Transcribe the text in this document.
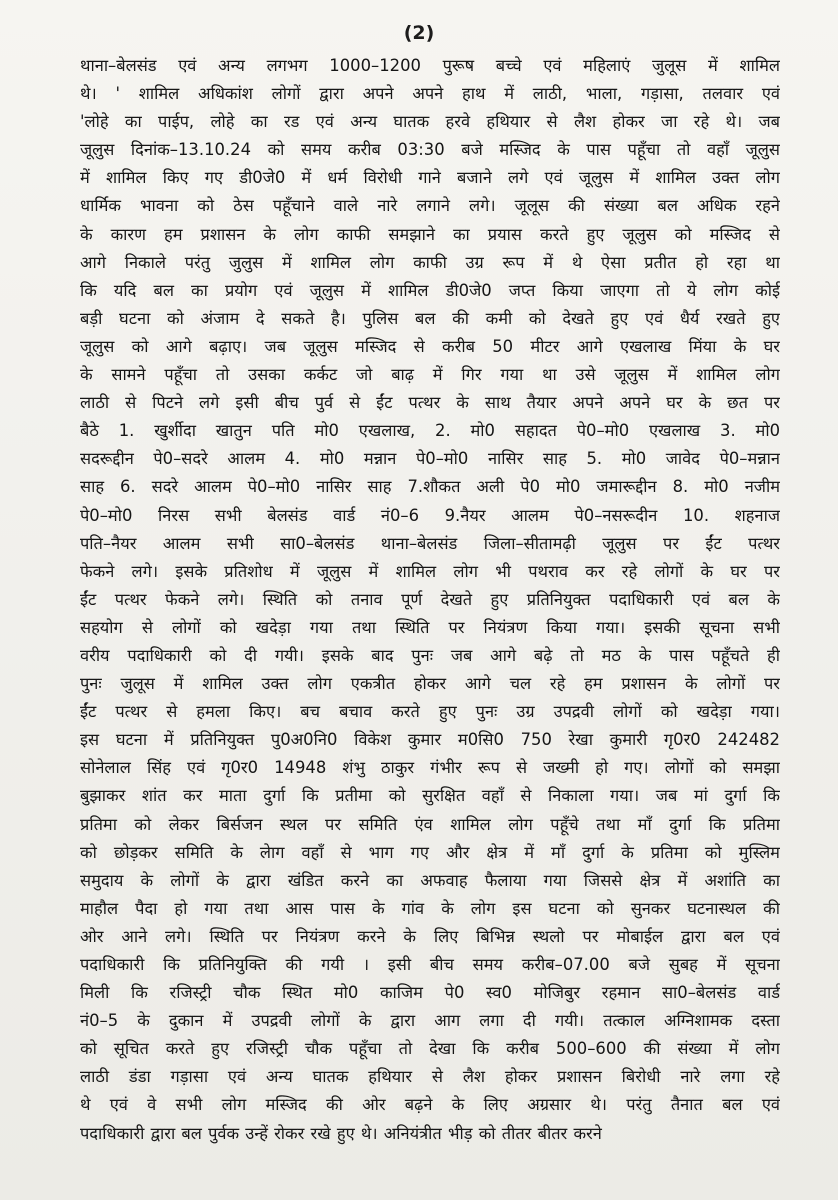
(2)
थाना–बेलसंड एवं अन्य लगभग 1000–1200 पुरूष बच्चे एवं महिलाएं जुलूस में शामिल
थे। ' शामिल अधिकांश लोगों द्वारा अपने अपने हाथ में लाठी, भाला, गड़ासा, तलवार एवं
'लोहे का पाईप, लोहे का रड एवं अन्य घातक हरवे हथियार से लैश होकर जा रहे थे। जब
जूलुस दिनांक–13.10.24 को समय करीब 03:30 बजे मस्जिद के पास पहूँचा तो वहाँ जूलुस
में शामिल किए गए डी0जे0 में धर्म विरोधी गाने बजाने लगे एवं जूलुस में शामिल उक्त लोग
धार्मिक भावना को ठेस पहूँचाने वाले नारे लगाने लगे। जूलूस की संख्या बल अधिक रहने
के कारण हम प्रशासन के लोग काफी समझाने का प्रयास करते हुए जूलुस को मस्जिद से
आगे निकाले परंतु जुलुस में शामिल लोग काफी उग्र रूप में थे ऐसा प्रतीत हो रहा था
कि यदि बल का प्रयोग एवं जूलुस में शामिल डी0जे0 जप्त किया जाएगा तो ये लोग कोई
बड़ी घटना को अंजाम दे सकते है। पुलिस बल की कमी को देखते हुए एवं धैर्य रखते हुए
जूलुस को आगे बढ़ाए। जब जूलुस मस्जिद से करीब 50 मीटर आगे एखलाख मिंया के घर
के सामने पहूँचा तो उसका कर्कट जो बाढ़ में गिर गया था उसे जूलुस में शामिल लोग
लाठी से पिटने लगे इसी बीच पुर्व से ईंट पत्थर के साथ तैयार अपने अपने घर के छत पर
बैठे 1. खुर्शीदा खातुन पति मो0 एखलाख, 2. मो0 सहादत पे0–मो0 एखलाख 3. मो0
सदरूद्दीन पे0–सदरे आलम 4. मो0 मन्नान पे0–मो0 नासिर साह 5. मो0 जावेद पे0–मन्नान
साह 6. सदरे आलम पे0–मो0 नासिर साह 7.शौकत अली पे0 मो0 जमारूद्दीन 8. मो0 नजीम
पे0–मो0 निरस सभी बेलसंड वार्ड नं0–6 9.नैयर आलम पे0–नसरूदीन 10. शहनाज
पति–नैयर आलम सभी सा0–बेलसंड थाना–बेलसंड जिला–सीतामढ़ी जूलुस पर ईंट पत्थर
फेकने लगे। इसके प्रतिशोध में जूलुस में शामिल लोग भी पथराव कर रहे लोगों के घर पर
ईंट पत्थर फेकने लगे। स्थिति को तनाव पूर्ण देखते हुए प्रतिनियुक्त पदाधिकारी एवं बल के
सहयोग से लोगों को खदेड़ा गया तथा स्थिति पर नियंत्रण किया गया। इसकी सूचना सभी
वरीय पदाधिकारी को दी गयी। इसके बाद पुनः जब आगे बढ़े तो मठ के पास पहूँचते ही
पुनः जुलूस में शामिल उक्त लोग एकत्रीत होकर आगे चल रहे हम प्रशासन के लोगों पर
ईंट पत्थर से हमला किए। बच बचाव करते हुए पुनः उग्र उपद्रवी लोगों को खदेड़ा गया।
इस घटना में प्रतिनियुक्त पु0अ0नि0 विकेश कुमार म0सि0 750 रेखा कुमारी गृ0र0 242482
सोनेलाल सिंह एवं गृ0र0 14948 शंभु ठाकुर गंभीर रूप से जख्मी हो गए। लोगों को समझा
बुझाकर शांत कर माता दुर्गा कि प्रतीमा को सुरक्षित वहाँ से निकाला गया। जब मां दुर्गा कि
प्रतिमा को लेकर बिर्सजन स्थल पर समिति एंव शामिल लोग पहूँचे तथा माँ दुर्गा कि प्रतिमा
को छोड़कर समिति के लेाग वहाँ से भाग गए और क्षेत्र में माँ दुर्गा के प्रतिमा को मुस्लिम
समुदाय के लोगों के द्वारा खंडित करने का अफवाह फैलाया गया जिससे क्षेत्र में अशांति का
माहौल पैदा हो गया तथा आस पास के गांव के लोग इस घटना को सुनकर घटनास्थल की
ओर आने लगे। स्थिति पर नियंत्रण करने के लिए बिभिन्न स्थलो पर मोबाईल द्वारा बल एवं
पदाधिकारी कि प्रतिनियुक्ति की गयी । इसी बीच समय करीब–07.00 बजे सुबह में सूचना
मिली कि रजिस्ट्री चौक स्थित मो0 काजिम पे0 स्व0 मोजिबुर रहमान सा0–बेलसंड वार्ड
नं0–5 के दुकान में उपद्रवी लोगों के द्वारा आग लगा दी गयी। तत्काल अग्निशामक दस्ता
को सूचित करते हुए रजिस्ट्री चौक पहूँचा तो देखा कि करीब 500–600 की संख्या में लोग
लाठी डंडा गड़ासा एवं अन्य घातक हथियार से लैश होकर प्रशासन बिरोधी नारे लगा रहे
थे एवं वे सभी लोग मस्जिद की ओर बढ़ने के लिए अग्रसार थे। परंतु तैनात बल एवं
पदाधिकारी द्वारा बल पुर्वक उन्हें रोकर रखे हुए थे। अनियंत्रीत भीड़ को तीतर बीतर करने
